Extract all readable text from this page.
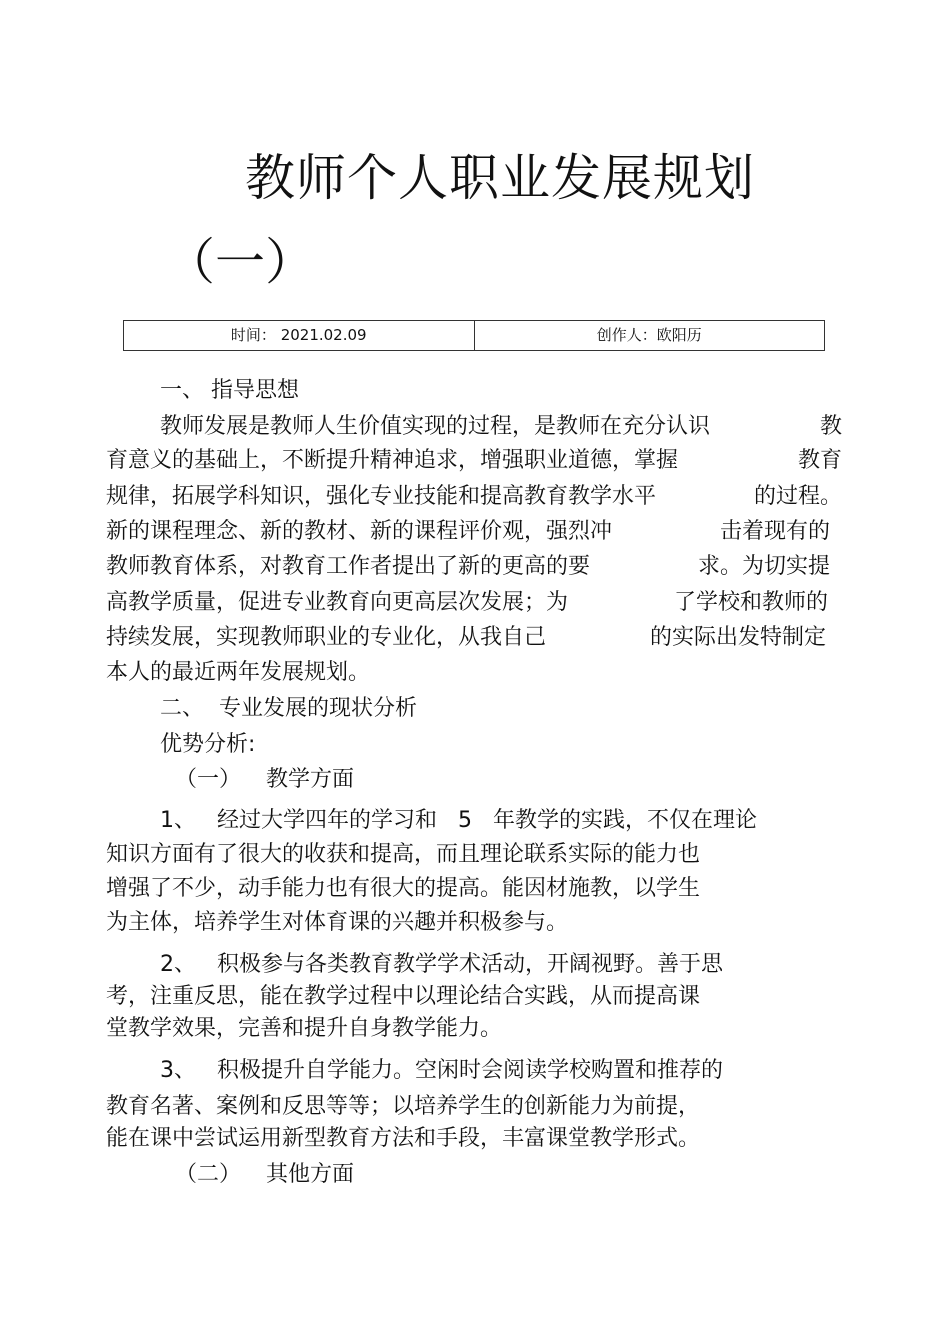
教师个人职业发展规划
（一）
时间： 2021.02.09	创作人：欧阳历
一、 指导思想
教师发展是教师人生价值实现的过程，是教师在充分认识	教
育意义的基础上，不断提升精神追求，增强职业道德，掌握	教育
规律，拓展学科知识，强化专业技能和提高教育教学水平	的过程。
新的课程理念、新的教材、新的课程评价观，强烈冲	击着现有的
教师教育体系，对教育工作者提出了新的更高的要	求。为切实提
高教学质量，促进专业教育向更高层次发展；为	了学校和教师的
持续发展，实现教师职业的专业化，从我自己	的实际出发特制定
本人的最近两年发展规划。
二、 专业发展的现状分析
优势分析:
（一） 教学方面
1、 经过大学四年的学习和 5 年教学的实践，不仅在理论
知识方面有了很大的收获和提高，而且理论联系实际的能力也
增强了不少，动手能力也有很大的提高。能因材施教，以学生
为主体，培养学生对体育课的兴趣并积极参与。
2、 积极参与各类教育教学学术活动，开阔视野。善于思
考，注重反思，能在教学过程中以理论结合实践，从而提高课
堂教学效果，完善和提升自身教学能力。
3、 积极提升自学能力。空闲时会阅读学校购置和推荐的
教育名著、案例和反思等等；以培养学生的创新能力为前提，
能在课中尝试运用新型教育方法和手段，丰富课堂教学形式。
（二） 其他方面
